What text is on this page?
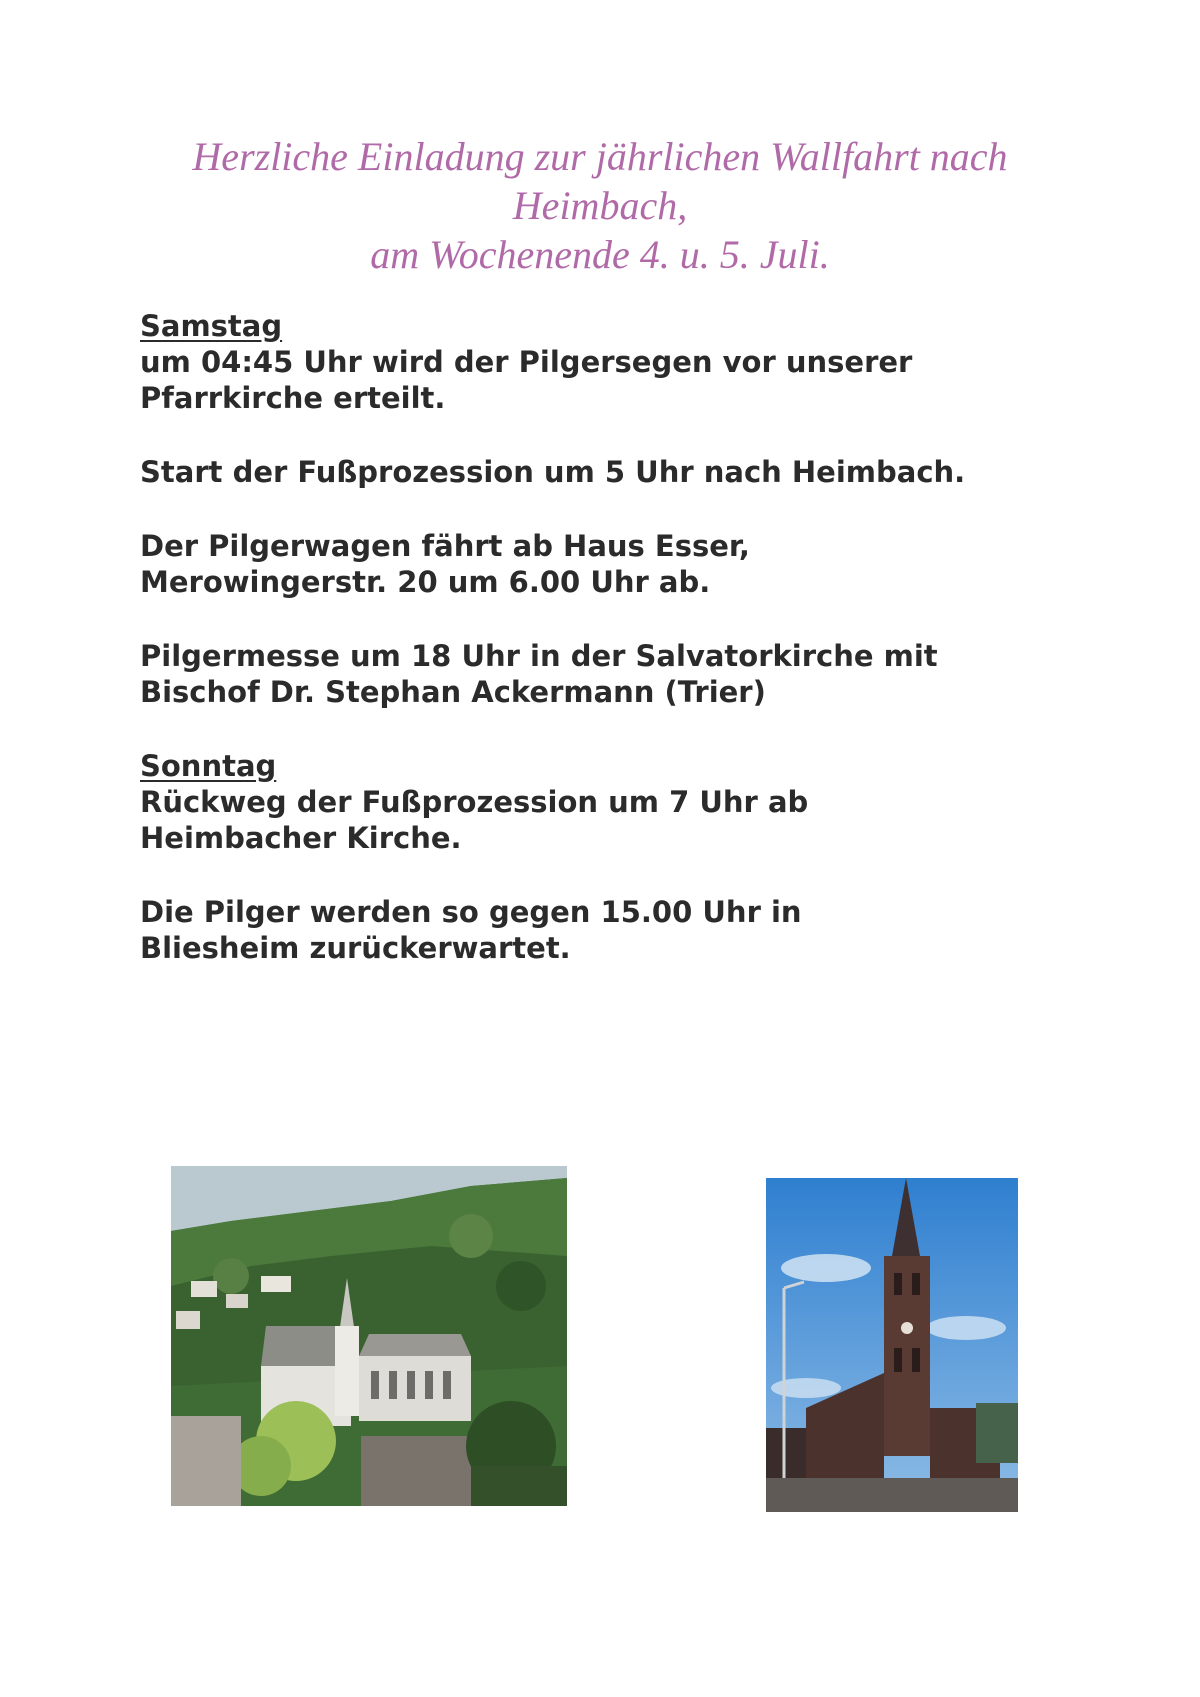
Herzliche Einladung zur jährlichen Wallfahrt nach
Heimbach,
am Wochenende 4. u. 5. Juli.
Samstag
um 04:45 Uhr wird der Pilgersegen vor unserer
Pfarrkirche erteilt.
Start der Fußprozession um 5 Uhr nach Heimbach.
Der Pilgerwagen fährt ab Haus Esser,
Merowingerstr. 20 um 6.00 Uhr ab.
Pilgermesse um 18 Uhr in der Salvatorkirche mit
Bischof Dr. Stephan Ackermann (Trier)
Sonntag
Rückweg der Fußprozession um 7 Uhr ab
Heimbacher Kirche.
Die Pilger werden so gegen 15.00 Uhr in
Bliesheim zurückerwartet.
